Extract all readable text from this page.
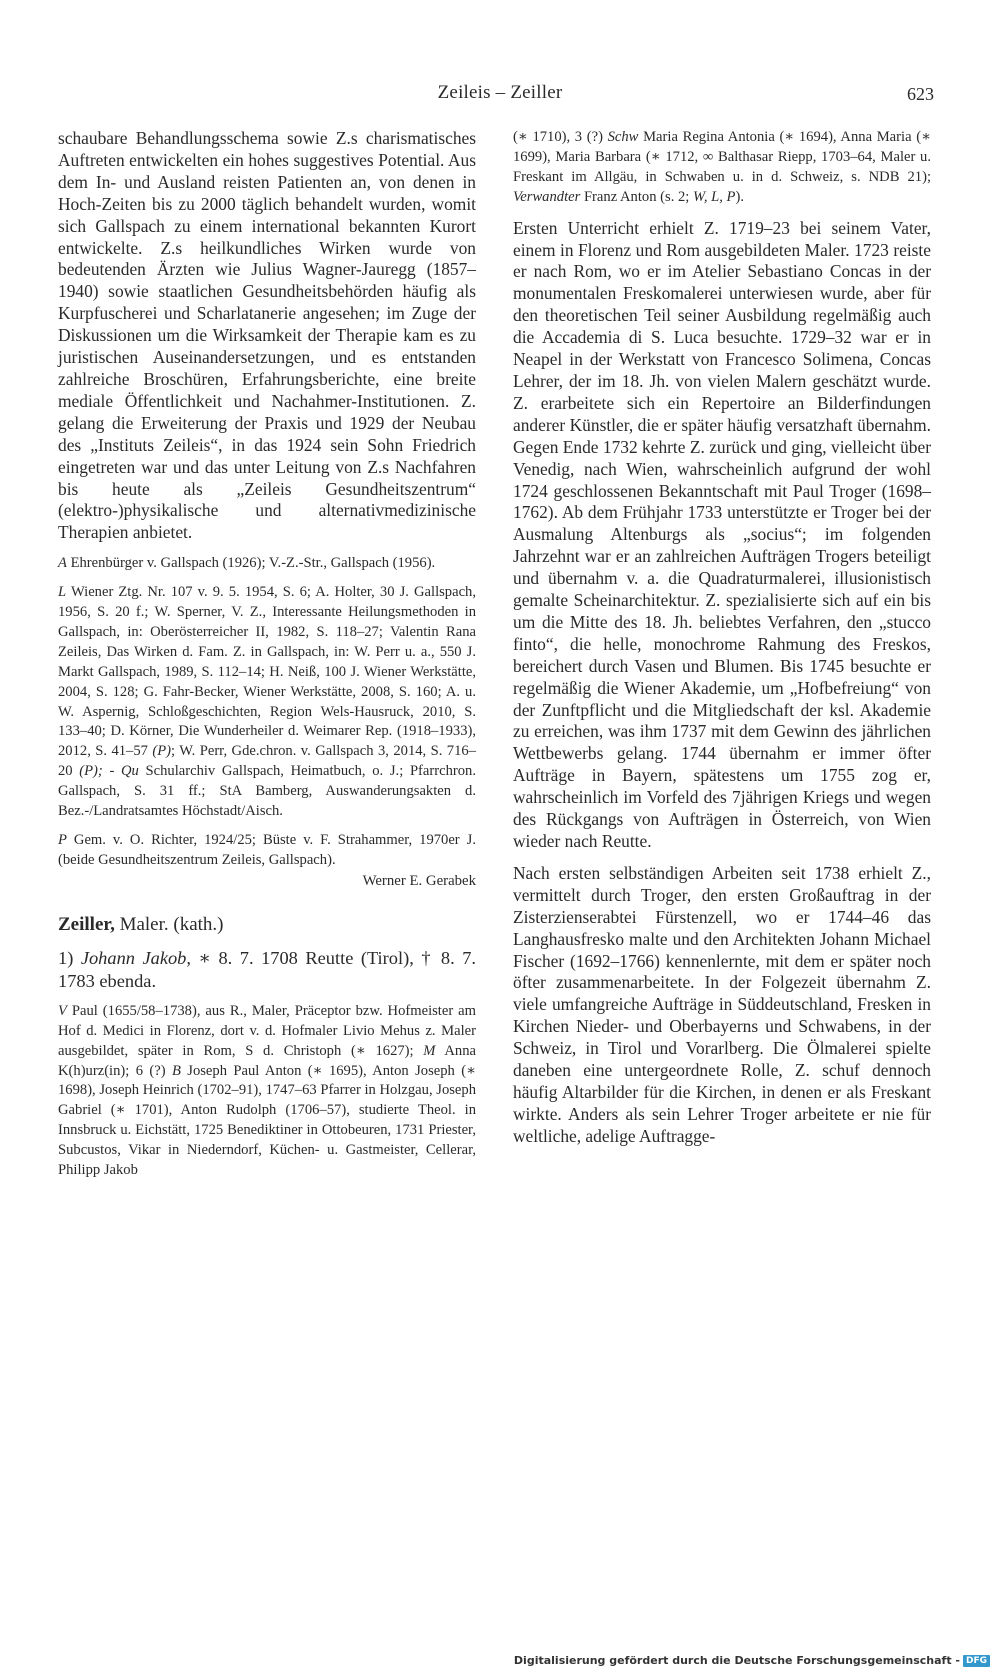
Zeileis – Zeiller	623

schaubare Behandlungsschema sowie Z.s charismatisches Auftreten entwickelten ein hohes suggestives Potential. Aus dem In- und Ausland reisten Patienten an, von denen in Hoch-Zeiten bis zu 2000 täglich behandelt wurden, womit sich Gallspach zu einem international bekannten Kurort entwickelte. Z.s heilkundliches Wirken wurde von bedeutenden Ärzten wie Julius Wagner-Jauregg (1857–1940) sowie staatlichen Gesundheitsbehörden häufig als Kurpfuscherei und Scharlatanerie angesehen; im Zuge der Diskussionen um die Wirksamkeit der Therapie kam es zu juristischen Auseinandersetzungen, und es entstanden zahlreiche Broschüren, Erfahrungsberichte, eine breite mediale Öffentlichkeit und Nachahmer-Institutionen. Z. gelang die Erweiterung der Praxis und 1929 der Neubau des „Instituts Zeileis“, in das 1924 sein Sohn Friedrich eingetreten war und das unter Leitung von Z.s Nachfahren bis heute als „Zeileis Gesundheitszentrum“ (elektro-)physikalische und alternativmedizinische Therapien anbietet.

A Ehrenbürger v. Gallspach (1926); V.-Z.-Str., Gallspach (1956).

L Wiener Ztg. Nr. 107 v. 9. 5. 1954, S. 6; A. Holter, 30 J. Gallspach, 1956, S. 20 f.; W. Sperner, V. Z., Interessante Heilungsmethoden in Gallspach, in: Oberösterreicher II, 1982, S. 118–27; Valentin Rana Zeileis, Das Wirken d. Fam. Z. in Gallspach, in: W. Perr u. a., 550 J. Markt Gallspach, 1989, S. 112–14; H. Neiß, 100 J. Wiener Werkstätte, 2004, S. 128; G. Fahr-Becker, Wiener Werkstätte, 2008, S. 160; A. u. W. Aspernig, Schloßgeschichten, Region Wels-Hausruck, 2010, S. 133–40; D. Körner, Die Wunderheiler d. Weimarer Rep. (1918–1933), 2012, S. 41–57 (P); W. Perr, Gde.chron. v. Gallspach 3, 2014, S. 716–20 (P); - Qu Schularchiv Gallspach, Heimatbuch, o. J.; Pfarrchron. Gallspach, S. 31 ff.; StA Bamberg, Auswanderungsakten d. Bez.-/Landratsamtes Höchstadt/Aisch.

P Gem. v. O. Richter, 1924/25; Büste v. F. Strahammer, 1970er J. (beide Gesundheitszentrum Zeileis, Gallspach).

Werner E. Gerabek
Zeiller, Maler. (kath.)

1) Johann Jakob, ∗ 8. 7. 1708 Reutte (Tirol), † 8. 7. 1783 ebenda.

V Paul (1655/58–1738), aus R., Maler, Präceptor bzw. Hofmeister am Hof d. Medici in Florenz, dort v. d. Hofmaler Livio Mehus z. Maler ausgebildet, später in Rom, S d. Christoph (∗ 1627); M Anna K(h)urz(in); 6 (?) B Joseph Paul Anton (∗ 1695), Anton Joseph (∗ 1698), Joseph Heinrich (1702–91), 1747–63 Pfarrer in Holzgau, Joseph Gabriel (∗ 1701), Anton Rudolph (1706–57), studierte Theol. in Innsbruck u. Eichstätt, 1725 Benediktiner in Ottobeuren, 1731 Priester, Subcustos, Vikar in Niederndorf, Küchen- u. Gastmeister, Cellerar, Philipp Jakob

(∗ 1710), 3 (?) Schw Maria Regina Antonia (∗ 1694), Anna Maria (∗ 1699), Maria Barbara (∗ 1712, ∞ Balthasar Riepp, 1703–64, Maler u. Freskant im Allgäu, in Schwaben u. in d. Schweiz, s. NDB 21); Verwandter Franz Anton (s. 2; W, L, P).

Ersten Unterricht erhielt Z. 1719–23 bei seinem Vater, einem in Florenz und Rom ausgebildeten Maler. 1723 reiste er nach Rom, wo er im Atelier Sebastiano Concas in der monumentalen Freskomalerei unterwiesen wurde, aber für den theoretischen Teil seiner Ausbildung regelmäßig auch die Accademia di S. Luca besuchte. 1729–32 war er in Neapel in der Werkstatt von Francesco Solimena, Concas Lehrer, der im 18. Jh. von vielen Malern geschätzt wurde. Z. erarbeitete sich ein Repertoire an Bilderfindungen anderer Künstler, die er später häufig versatzhaft übernahm. Gegen Ende 1732 kehrte Z. zurück und ging, vielleicht über Venedig, nach Wien, wahrscheinlich aufgrund der wohl 1724 geschlossenen Bekanntschaft mit Paul Troger (1698–1762). Ab dem Frühjahr 1733 unterstützte er Troger bei der Ausmalung Altenburgs als „socius“; im folgenden Jahrzehnt war er an zahlreichen Aufträgen Trogers beteiligt und übernahm v. a. die Quadraturmalerei, illusionistisch gemalte Scheinarchitektur. Z. spezialisierte sich auf ein bis um die Mitte des 18. Jh. beliebtes Verfahren, den „stucco finto“, die helle, monochrome Rahmung des Freskos, bereichert durch Vasen und Blumen. Bis 1745 besuchte er regelmäßig die Wiener Akademie, um „Hofbefreiung“ von der Zunftpflicht und die Mitgliedschaft der ksl. Akademie zu erreichen, was ihm 1737 mit dem Gewinn des jährlichen Wettbewerbs gelang. 1744 übernahm er immer öfter Aufträge in Bayern, spätestens um 1755 zog er, wahrscheinlich im Vorfeld des 7jährigen Kriegs und wegen des Rückgangs von Aufträgen in Österreich, von Wien wieder nach Reutte.

Nach ersten selbständigen Arbeiten seit 1738 erhielt Z., vermittelt durch Troger, den ersten Großauftrag in der Zisterzienserabtei Fürstenzell, wo er 1744–46 das Langhausfresko malte und den Architekten Johann Michael Fischer (1692–1766) kennenlernte, mit dem er später noch öfter zusammenarbeitete. In der Folgezeit übernahm Z. viele umfangreiche Aufträge in Süddeutschland, Fresken in Kirchen Nieder- und Oberbayerns und Schwabens, in der Schweiz, in Tirol und Vorarlberg. Die Ölmalerei spielte daneben eine untergeordnete Rolle, Z. schuf dennoch häufig Altarbilder für die Kirchen, in denen er als Freskant wirkte. Anders als sein Lehrer Troger arbeitete er nie für weltliche, adelige Auftragge-

Digitalisierung gefördert durch die Deutsche Forschungsgemeinschaft - DFG
